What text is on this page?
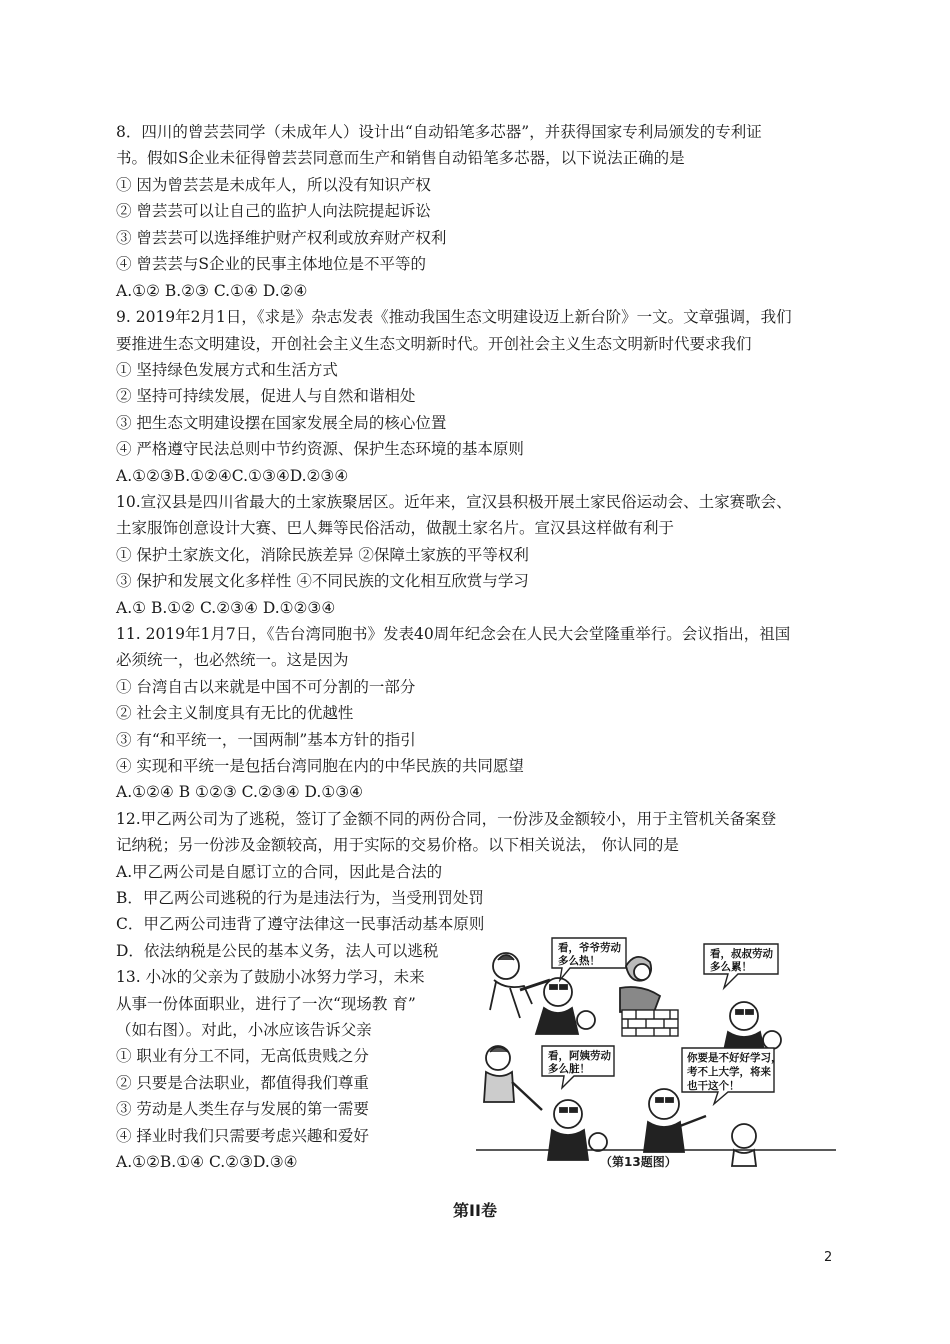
8．四川的曾芸芸同学（未成年人）设计出“自动铅笔多芯器”，并获得国家专利局颁发的专利证
书。假如S企业未征得曾芸芸同意而生产和销售自动铅笔多芯器，以下说法正确的是
① 因为曾芸芸是未成年人，所以没有知识产权
② 曾芸芸可以让自己的监护人向法院提起诉讼
③ 曾芸芸可以选择维护财产权利或放弃财产权利
④ 曾芸芸与S企业的民事主体地位是不平等的
A.①② B.②③ C.①④ D.②④
9. 2019年2月1日，《求是》杂志发表《推动我国生态文明建设迈上新台阶》一文。文章强调，我们
要推进生态文明建设，开创社会主义生态文明新时代。开创社会主义生态文明新时代要求我们
① 坚持绿色发展方式和生活方式
② 坚持可持续发展，促进人与自然和谐相处
③ 把生态文明建设摆在国家发展全局的核心位置
④ 严格遵守民法总则中节约资源、保护生态环境的基本原则
A.①②③B.①②④C.①③④D.②③④
10.宣汉县是四川省最大的土家族聚居区。近年来，宣汉县积极开展土家民俗运动会、土家赛歌会、
土家服饰创意设计大赛、巴人舞等民俗活动，做靓土家名片。宣汉县这样做有利于
① 保护土家族文化，消除民族差异 ②保障土家族的平等权利
③ 保护和发展文化多样性 ④不同民族的文化相互欣赏与学习
A.① B.①② C.②③④ D.①②③④
11. 2019年1月7日，《告台湾同胞书》发表40周年纪念会在人民大会堂隆重举行。会议指出，祖国
必须统一，也必然统一。这是因为
① 台湾自古以来就是中国不可分割的一部分
② 社会主义制度具有无比的优越性
③ 有“和平统一，一国两制”基本方针的指引
④ 实现和平统一是包括台湾同胞在内的中华民族的共同愿望
A.①②④ B ①②③ C.②③④ D.①③④
12.甲乙两公司为了逃税，签订了金额不同的两份合同，一份涉及金额较小，用于主管机关备案登
记纳税；另一份涉及金额较高，用于实际的交易价格。以下相关说法， 你认同的是
A.甲乙两公司是自愿订立的合同，因此是合法的
B．甲乙两公司逃税的行为是违法行为，当受刑罚处罚
C．甲乙两公司违背了遵守法律这一民事活动基本原则
D．依法纳税是公民的基本义务，法人可以逃税
13. 小冰的父亲为了鼓励小冰努力学习，未来
从事一份体面职业，进行了一次“现场教 育”
（如右图）。对此，小冰应该告诉父亲
① 职业有分工不同，无高低贵贱之分
② 只要是合法职业，都值得我们尊重
③ 劳动是人类生存与发展的第一需要
④ 择业时我们只需要考虑兴趣和爱好
A.①②B.①④ C.②③D.③④
看，爷爷劳动
多么热！
看，叔叔劳动
多么累！
看，阿姨劳动
多么脏！
你要是不好好学习，
考不上大学，将来
也干这个！
（第13题图）
第II卷
2
